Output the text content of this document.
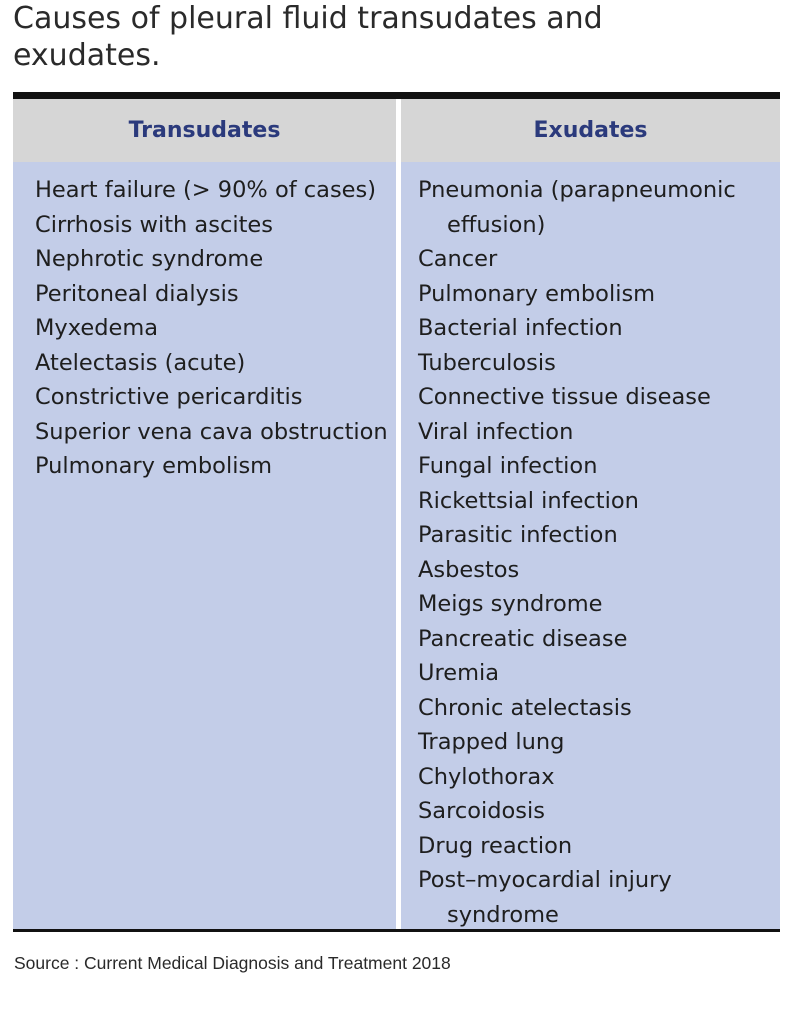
Causes of pleural fluid transudates and exudates.
Transudates	Exudates
Heart failure (> 90% of cases)
Cirrhosis with ascites
Nephrotic syndrome
Peritoneal dialysis
Myxedema
Atelectasis (acute)
Constrictive pericarditis
Superior vena cava obstruction
Pulmonary embolism
Pneumonia (parapneumonic effusion)
Cancer
Pulmonary embolism
Bacterial infection
Tuberculosis
Connective tissue disease
Viral infection
Fungal infection
Rickettsial infection
Parasitic infection
Asbestos
Meigs syndrome
Pancreatic disease
Uremia
Chronic atelectasis
Trapped lung
Chylothorax
Sarcoidosis
Drug reaction
Post–myocardial injury syndrome

Source : Current Medical Diagnosis and Treatment 2018
